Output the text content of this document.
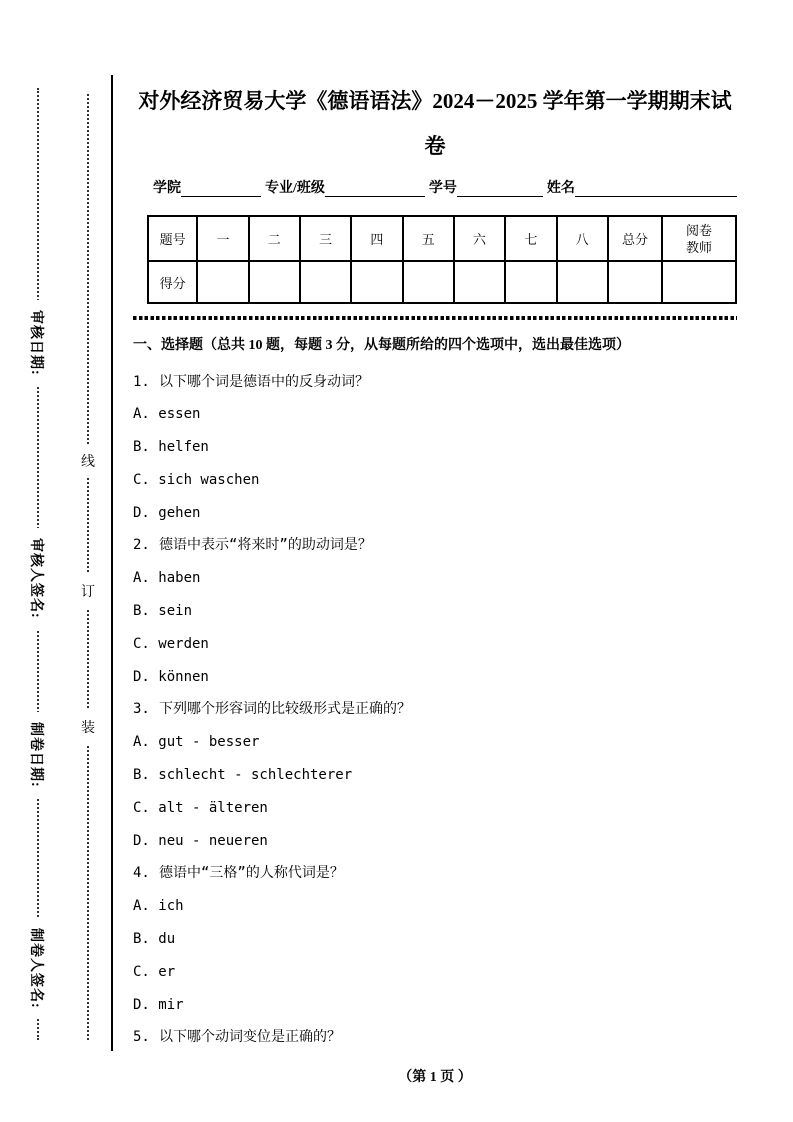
审核日期:
审核人签名:
制卷日期:
制卷人签名:
线
订
装
对外经济贸易大学《德语语法》2024－2025 学年第一学期期末试卷
学院	专业/班级	学号	姓名
题号	一	二	三	四	五	六	七	八	总分	阅卷
教师

得分										

一、选择题（总共 10 题，每题 3 分，从每题所给的四个选项中，选出最佳选项）

1. 以下哪个词是德语中的反身动词？

A. essen

B. helfen

C. sich waschen

D. gehen

2. 德语中表示“将来时”的助动词是？

A. haben

B. sein

C. werden

D. können

3. 下列哪个形容词的比较级形式是正确的？

A. gut - besser

B. schlecht - schlechterer

C. alt - älteren

D. neu - neueren

4. 德语中“三格”的人称代词是？

A. ich

B. du

C. er

D. mir

5. 以下哪个动词变位是正确的？

（第 1 页 ）
